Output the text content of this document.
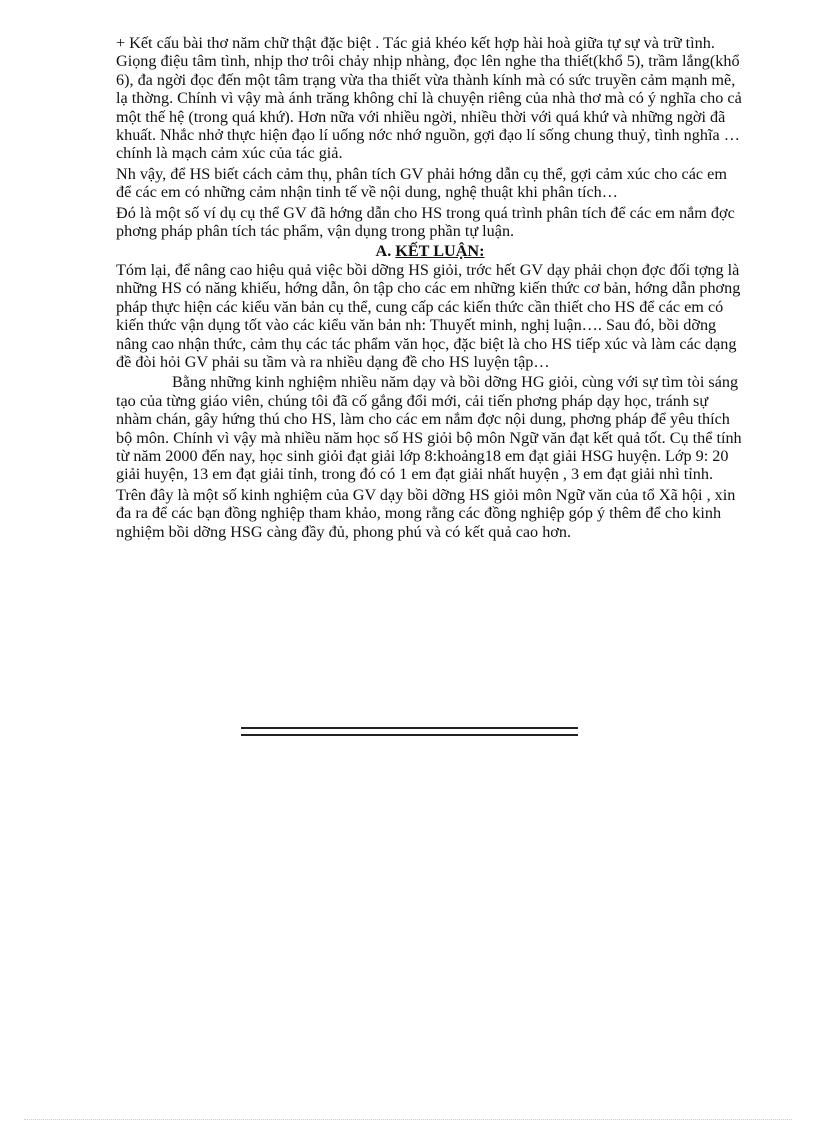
+ Kết cấu bài thơ năm chữ thật đặc biệt . Tác giả khéo kết hợp hài hoà giữa tự sự và trữ tình. Giọng điệu tâm tình, nhịp thơ trôi chảy nhịp nhàng, đọc lên nghe tha thiết(khổ 5), trầm lắng(khổ 6), đa ngời đọc đến một tâm trạng vừa tha thiết vừa thành kính mà có sức truyền cảm mạnh mẽ, lạ thờng. Chính vì vậy mà ánh trăng không chỉ là chuyện riêng của nhà thơ mà có ý nghĩa cho cả một thế hệ (trong quá khứ). Hơn nữa với nhiều ngời, nhiều thời với quá khứ và những ngời đã khuất. Nhắc nhở thực hiện đạo lí uống nớc nhớ nguồn, gợi đạo lí sống chung thuỷ, tình nghĩa …chính là mạch cảm xúc của tác giả.

Nh vậy, để HS biết cách cảm thụ, phân tích GV phải hớng dẫn cụ thể, gợi cảm xúc cho các em để các em có những cảm nhận tinh tế về nội dung, nghệ thuật khi phân tích…

Đó là một số ví dụ cụ thể GV đã hớng dẫn cho HS trong quá trình phân tích để các em nắm đợc phơng pháp phân tích tác phẩm, vận dụng trong phần tự luận.

A. KẾT LUẬN:

Tóm lại, để nâng cao hiệu quả việc bồi dỡng HS giỏi, trớc hết GV dạy phải chọn đợc đối tợng là những HS có năng khiếu, hớng dẫn, ôn tập cho các em những kiến thức cơ bản, hớng dẫn phơng pháp thực hiện các kiểu văn bản cụ thể, cung cấp các kiến thức cần thiết cho HS để các em có kiến thức vận dụng tốt vào các kiểu văn bản nh: Thuyết minh, nghị luận…. Sau đó, bồi dỡng nâng cao nhận thức, cảm thụ các tác phẩm văn học, đặc biệt là cho HS tiếp xúc và làm các dạng đề đòi hỏi GV phải su tầm và ra nhiều dạng đề cho HS luyện tập…

Bằng những kinh nghiệm nhiều năm dạy và bồi dỡng HG giỏi, cùng với sự tìm tòi sáng tạo của từng giáo viên, chúng tôi đã cố gắng đổi mới, cải tiến phơng pháp dạy học, tránh sự nhàm chán, gây hứng thú cho HS, làm cho các em nắm đợc nội dung, phơng pháp để yêu thích bộ môn. Chính vì vậy mà nhiều năm học số HS giỏi bộ môn Ngữ văn đạt kết quả tốt. Cụ thể tính từ năm 2000 đến nay, học sinh giỏi đạt giải lớp 8:khoảng18 em đạt giải HSG huyện. Lớp 9: 20 giải huyện, 13 em đạt giải tỉnh, trong đó có 1 em đạt giải nhất huyện , 3 em đạt giải nhì tỉnh.

Trên đây là một số kinh nghiệm của GV dạy bồi dỡng HS giỏi môn Ngữ văn của tổ Xã hội , xin đa ra để các bạn đồng nghiệp tham khảo, mong rằng các đồng nghiệp góp ý thêm để cho kinh nghiệm bồi dỡng HSG càng đầy đủ, phong phú và có kết quả cao hơn.
